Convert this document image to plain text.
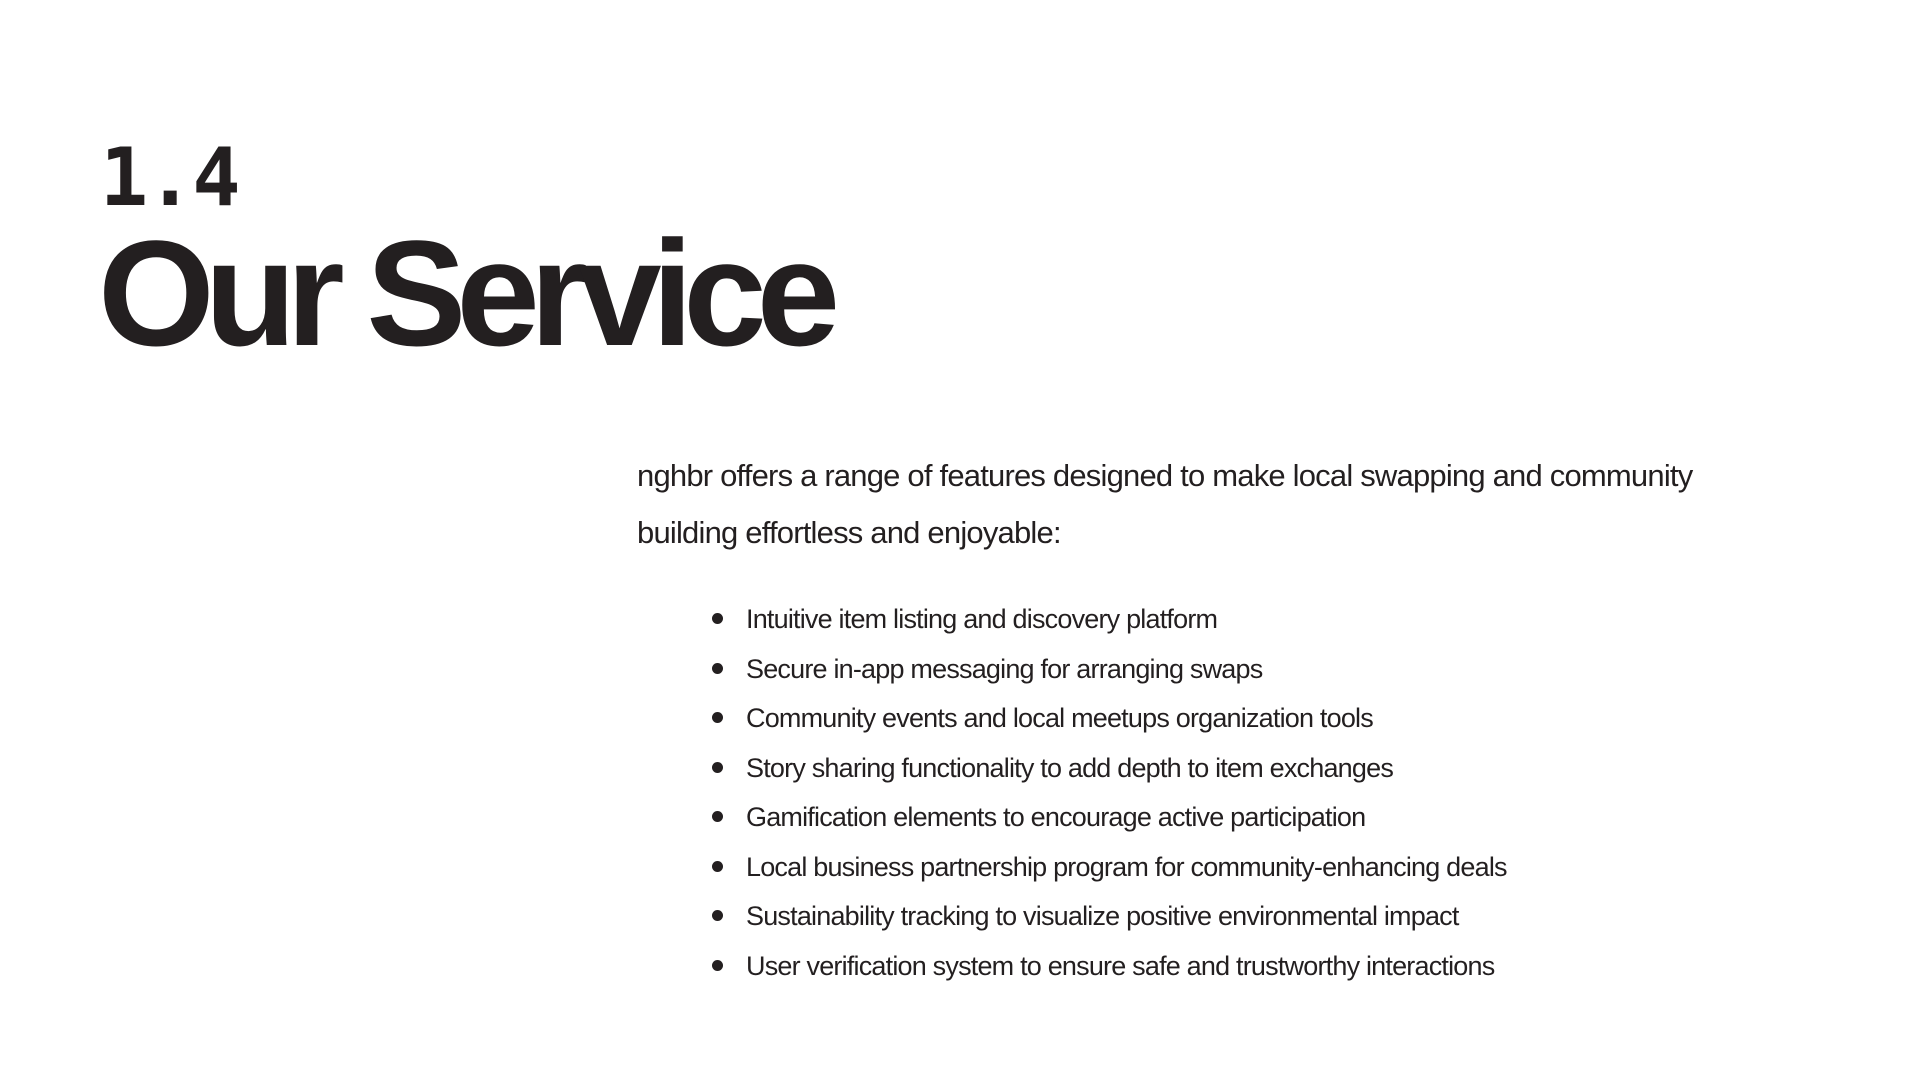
1.4
Our Service

nghbr offers a range of features designed to make local swapping and community building effortless and enjoyable:

Intuitive item listing and discovery platform
Secure in-app messaging for arranging swaps
Community events and local meetups organization tools
Story sharing functionality to add depth to item exchanges
Gamification elements to encourage active participation
Local business partnership program for community-enhancing deals
Sustainability tracking to visualize positive environmental impact
User verification system to ensure safe and trustworthy interactions
